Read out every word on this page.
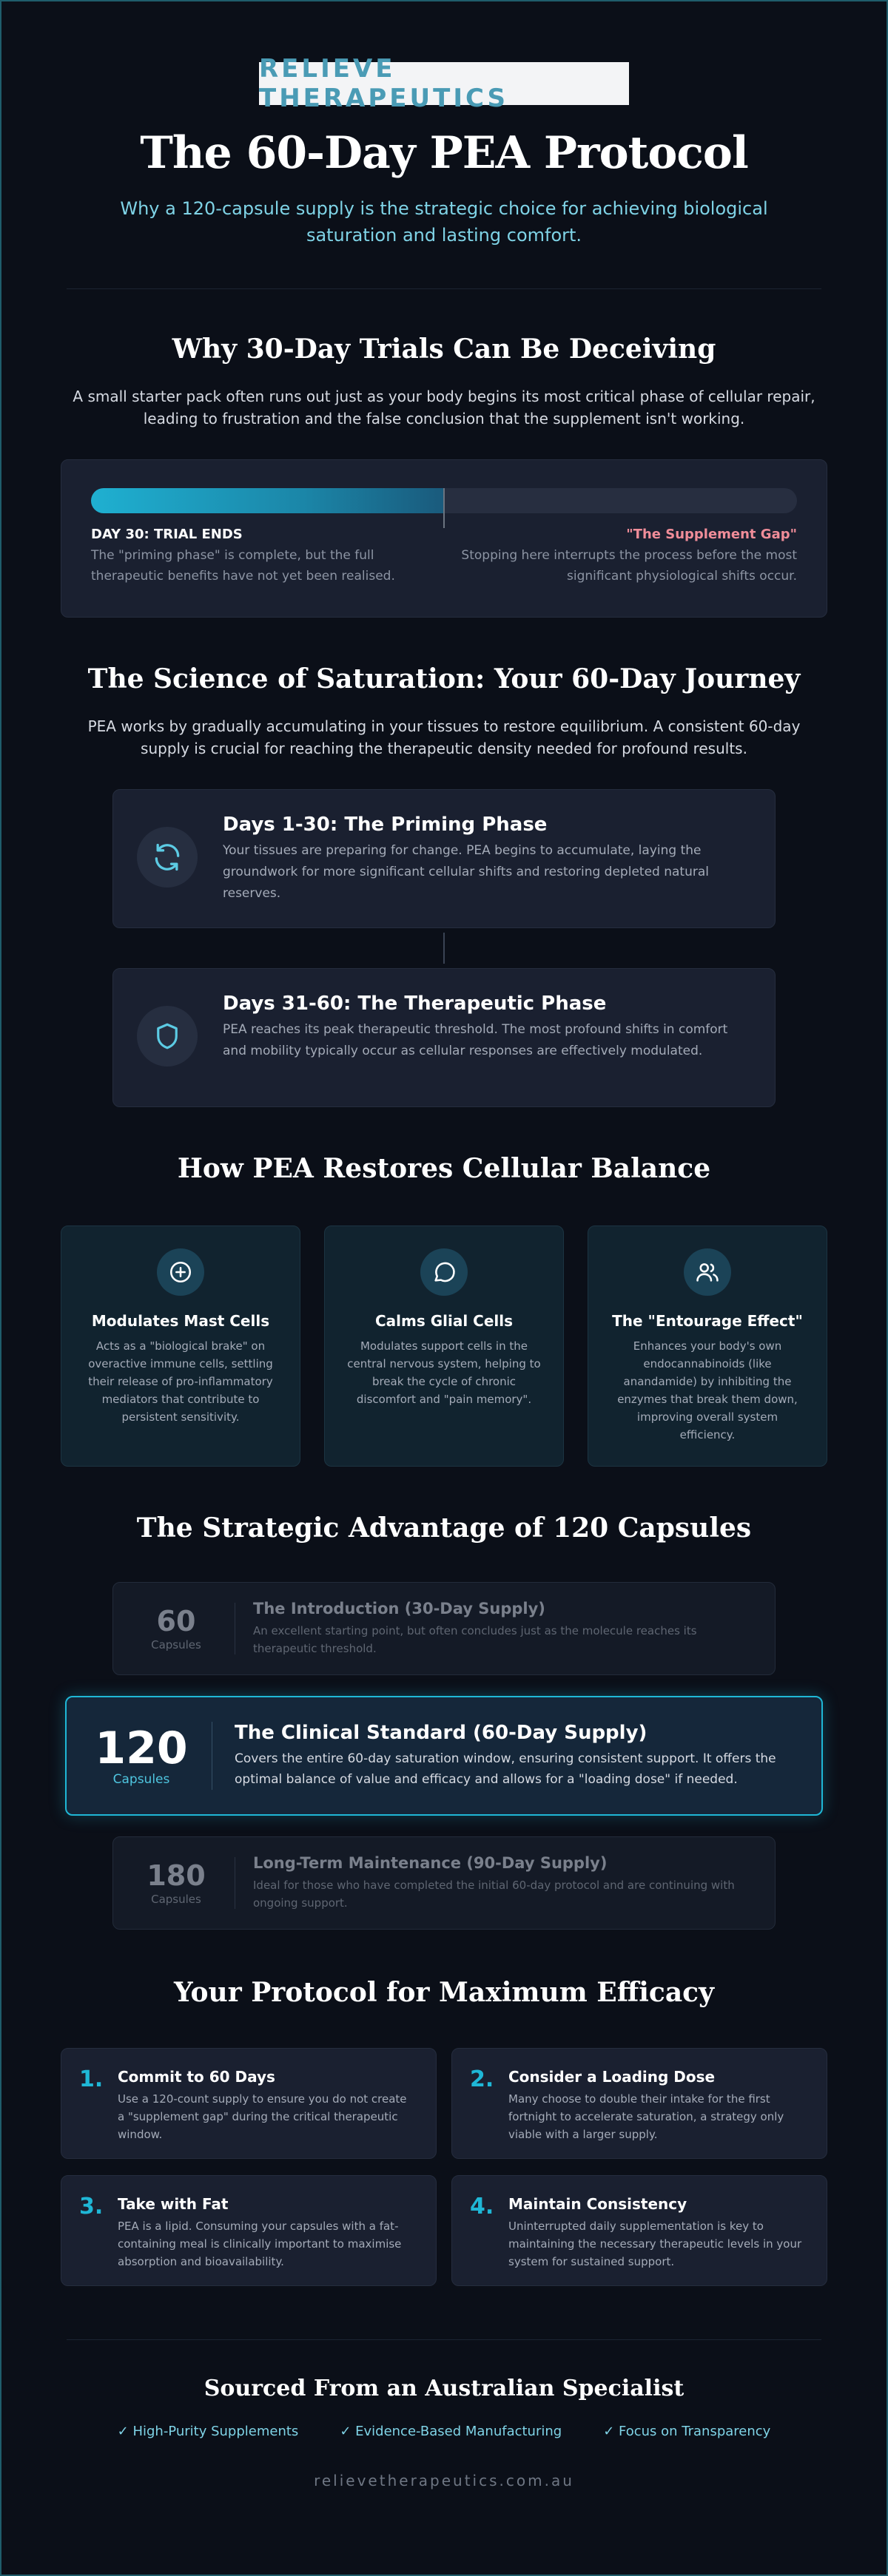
RELIEVE THERAPEUTICS
The 60-Day PEA Protocol

Why a 120-capsule supply is the strategic choice for achieving biological saturation and lasting comfort.

Why 30-Day Trials Can Be Deceiving

A small starter pack often runs out just as your body begins its most critical phase of cellular repair, leading to frustration and the false conclusion that the supplement isn't working.

DAY 30: TRIAL ENDS
The "priming phase" is complete, but the full therapeutic benefits have not yet been realised.
"The Supplement Gap"
Stopping here interrupts the process before the most significant physiological shifts occur.
The Science of Saturation: Your 60-Day Journey

PEA works by gradually accumulating in your tissues to restore equilibrium. A consistent 60-day supply is crucial for reaching the therapeutic density needed for profound results.

Days 1-30: The Priming Phase
Your tissues are preparing for change. PEA begins to accumulate, laying the groundwork for more significant cellular shifts and restoring depleted natural reserves.
Days 31-60: The Therapeutic Phase
PEA reaches its peak therapeutic threshold. The most profound shifts in comfort and mobility typically occur as cellular responses are effectively modulated.
How PEA Restores Cellular Balance
Modulates Mast Cells
Acts as a "biological brake" on overactive immune cells, settling their release of pro-inflammatory mediators that contribute to persistent sensitivity.
Calms Glial Cells
Modulates support cells in the central nervous system, helping to break the cycle of chronic discomfort and "pain memory".
The "Entourage Effect"
Enhances your body's own endocannabinoids (like anandamide) by inhibiting the enzymes that break them down, improving overall system efficiency.
The Strategic Advantage of 120 Capsules
60
Capsules
The Introduction (30-Day Supply)
An excellent starting point, but often concludes just as the molecule reaches its therapeutic threshold.
120
Capsules
The Clinical Standard (60-Day Supply)
Covers the entire 60-day saturation window, ensuring consistent support. It offers the optimal balance of value and efficacy and allows for a "loading dose" if needed.
180
Capsules
Long-Term Maintenance (90-Day Supply)
Ideal for those who have completed the initial 60-day protocol and are continuing with ongoing support.
Your Protocol for Maximum Efficacy
1. Commit to 60 Days
Use a 120-count supply to ensure you do not create a "supplement gap" during the critical therapeutic window.
2. Consider a Loading Dose
Many choose to double their intake for the first fortnight to accelerate saturation, a strategy only viable with a larger supply.
3. Take with Fat
PEA is a lipid. Consuming your capsules with a fat-containing meal is clinically important to maximise absorption and bioavailability.
4. Maintain Consistency
Uninterrupted daily supplementation is key to maintaining the necessary therapeutic levels in your system for sustained support.
Sourced From an Australian Specialist
✓ High-Purity Supplements	✓ Evidence-Based Manufacturing	✓ Focus on Transparency
relievetherapeutics.com.au
